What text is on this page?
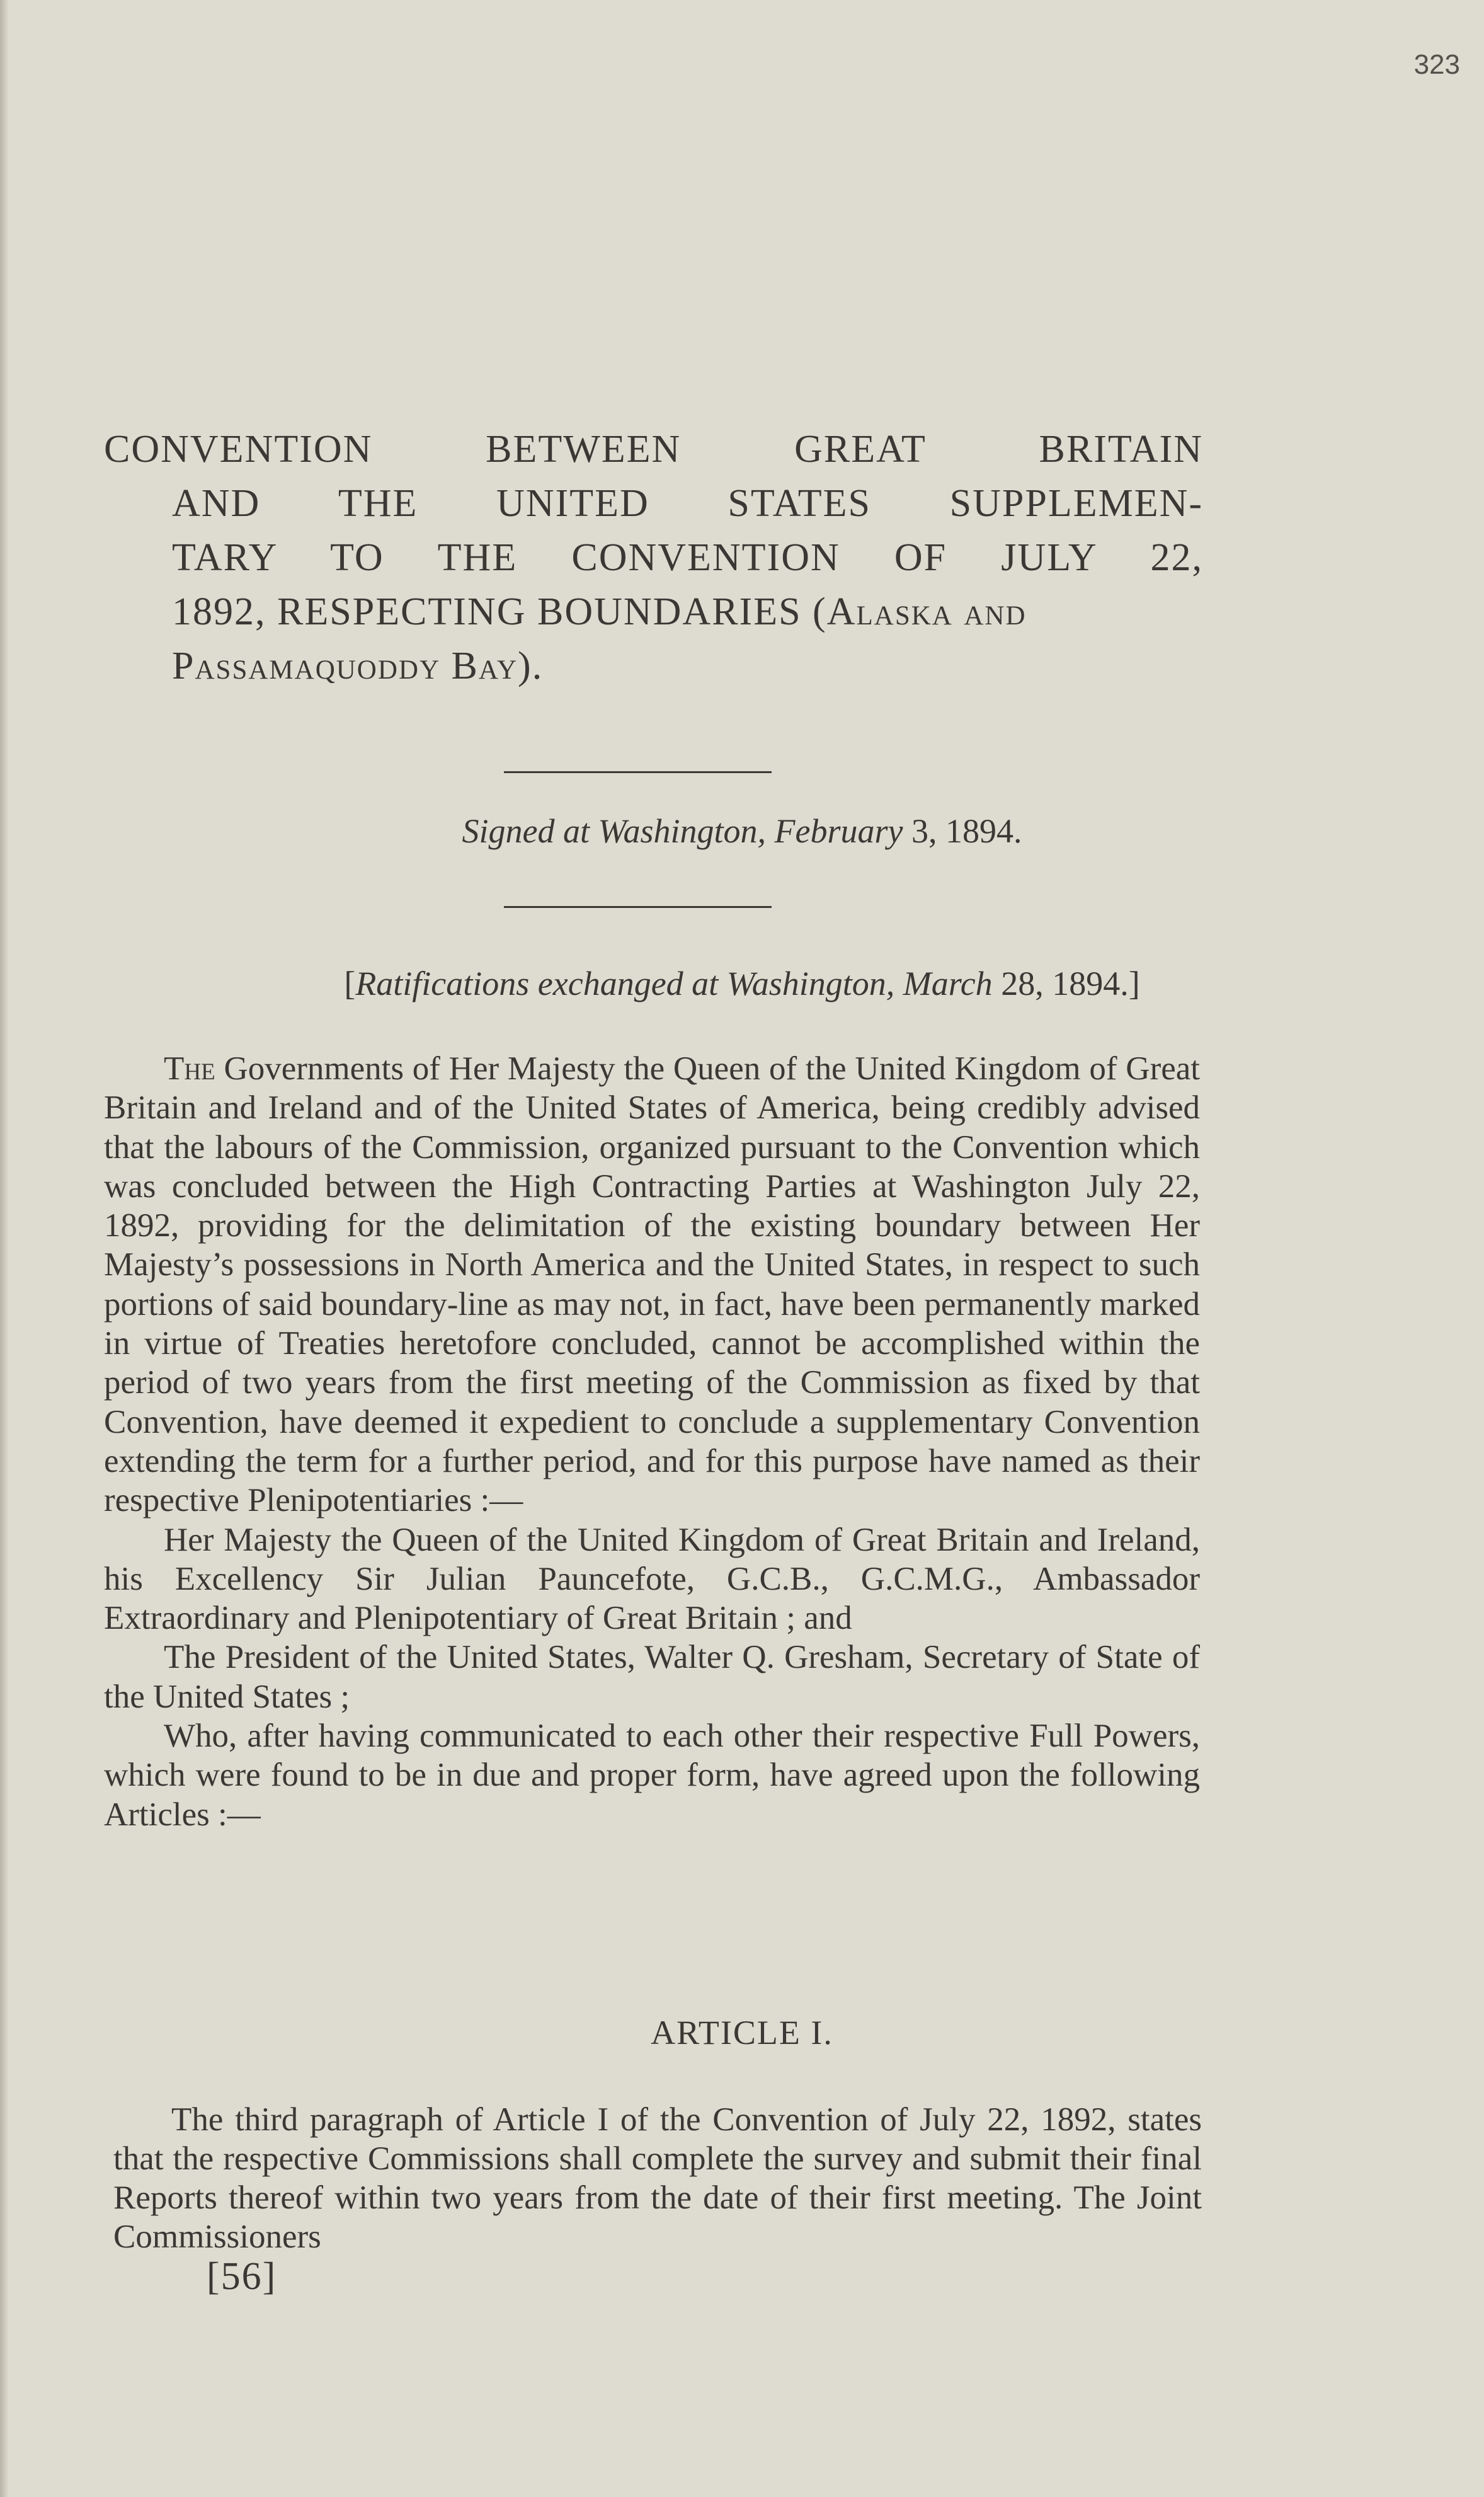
323
CONVENTION BETWEEN GREAT BRITAIN
AND THE UNITED STATES SUPPLEMEN-
TARY TO THE CONVENTION OF JULY 22,
1892, RESPECTING BOUNDARIES (Alaska and
Passamaquoddy Bay).
Signed at Washington, February 3, 1894.
[Ratifications exchanged at Washington, March 28, 1894.]

The Governments of Her Majesty the Queen of the United Kingdom of Great Britain and Ireland and of the United States of America, being credibly advised that the labours of the Commission, organized pursuant to the Convention which was concluded between the High Contracting Parties at Washington July 22, 1892, providing for the delimitation of the existing boundary between Her Majesty’s possessions in North America and the United States, in respect to such portions of said boundary-line as may not, in fact, have been permanently marked in virtue of Treaties heretofore concluded, cannot be accomplished within the period of two years from the first meeting of the Commission as fixed by that Convention, have deemed it expedient to conclude a supplementary Convention extending the term for a further period, and for this purpose have named as their respective Plenipotentiaries :—

Her Majesty the Queen of the United Kingdom of Great Britain and Ireland, his Excellency Sir Julian Pauncefote, G.C.B., G.C.M.G., Ambassador Extraordinary and Plenipotentiary of Great Britain ; and

The President of the United States, Walter Q. Gresham, Secretary of State of the United States ;

Who, after having communicated to each other their respective Full Powers, which were found to be in due and proper form, have agreed upon the following Articles :—

ARTICLE I.

The third paragraph of Article I of the Convention of July 22, 1892, states that the respective Commissions shall complete the survey and submit their final Reports thereof within two years from the date of their first meeting. The Joint Commissioners

[56]
